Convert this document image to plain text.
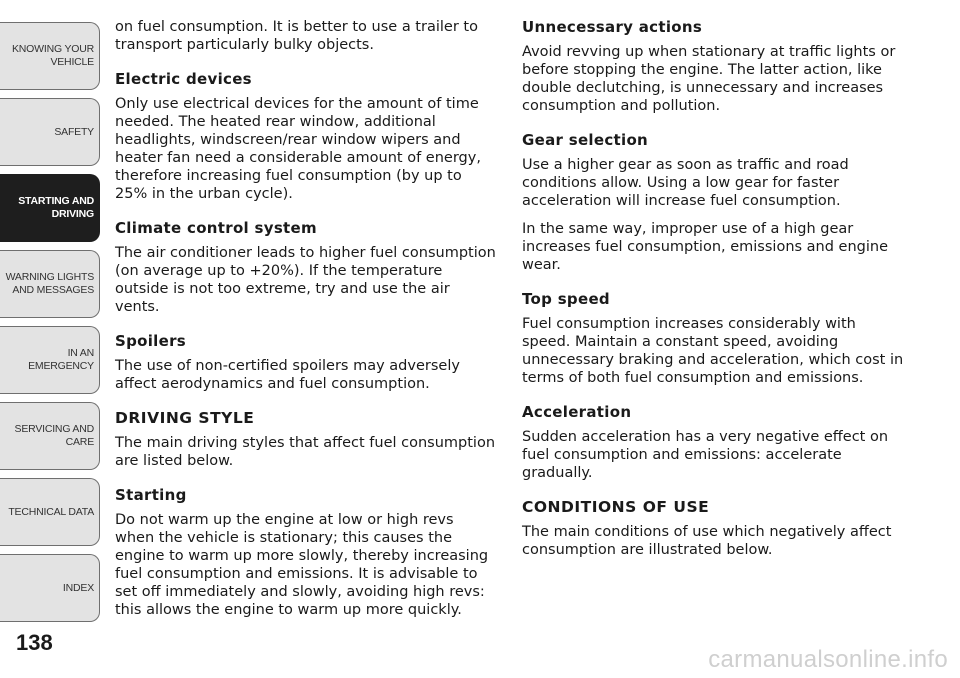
KNOWING YOUR
VEHICLE
SAFETY
STARTING AND
DRIVING
WARNING LIGHTS
AND MESSAGES
IN AN EMERGENCY
SERVICING AND
CARE
TECHNICAL DATA
INDEX
138

on fuel consumption. It is better to use a trailer to transport particularly bulky objects.

Electric devices

Only use electrical devices for the amount of time needed. The heated rear window, additional headlights, windscreen/rear window wipers and heater fan need a considerable amount of energy, therefore increasing fuel consumption (by up to 25% in the urban cycle).

Climate control system

The air conditioner leads to higher fuel consumption (on average up to +20%). If the temperature outside is not too extreme, try and use the air vents.

Spoilers

The use of non-certified spoilers may adversely affect aerodynamics and fuel consumption.

DRIVING STYLE

The main driving styles that affect fuel consumption are listed below.

Starting

Do not warm up the engine at low or high revs when the vehicle is stationary; this causes the engine to warm up more slowly, thereby increasing fuel consumption and emissions. It is advisable to set off immediately and slowly, avoiding high revs: this allows the engine to warm up more quickly.

Unnecessary actions

Avoid revving up when stationary at traffic lights or before stopping the engine. The latter action, like double declutching, is unnecessary and increases consumption and pollution.

Gear selection

Use a higher gear as soon as traffic and road conditions allow. Using a low gear for faster acceleration will increase fuel consumption.

In the same way, improper use of a high gear increases fuel consumption, emissions and engine wear.

Top speed

Fuel consumption increases considerably with speed. Maintain a constant speed, avoiding unnecessary braking and acceleration, which cost in terms of both fuel consumption and emissions.

Acceleration

Sudden acceleration has a very negative effect on fuel consumption and emissions: accelerate gradually.

CONDITIONS OF USE

The main conditions of use which negatively affect consumption are illustrated below.

carmanualsonline.info
